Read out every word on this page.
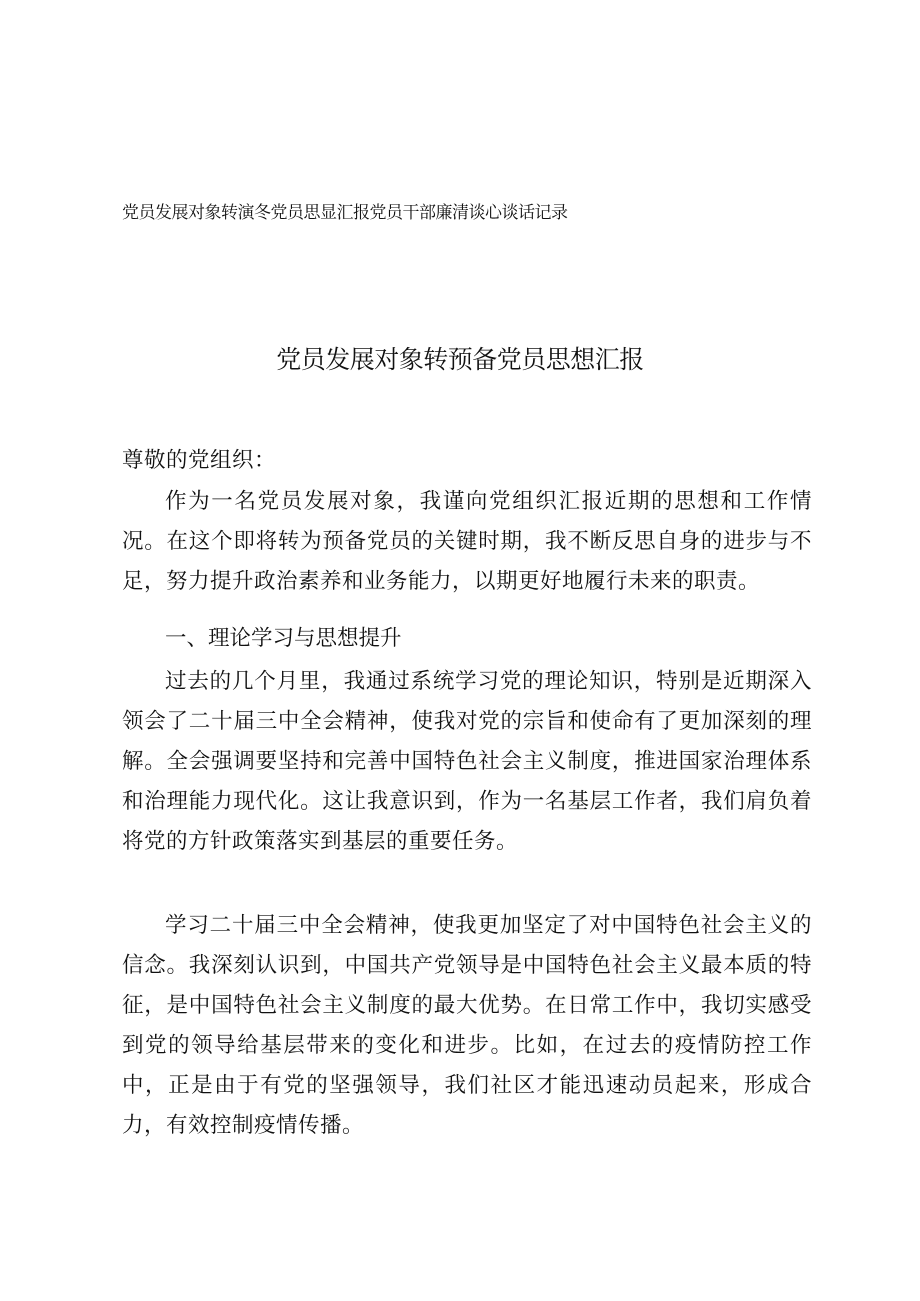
党员发展对象转演冬党员思显汇报党员干部廉清谈心谈话记录
党员发展对象转预备党员思想汇报
尊敬的党组织：

作为一名党员发展对象，我谨向党组织汇报近期的思想和工作情况。在这个即将转为预备党员的关键时期，我不断反思自身的进步与不足，努力提升政治素养和业务能力，以期更好地履行未来的职责。

一、理论学习与思想提升

过去的几个月里，我通过系统学习党的理论知识，特别是近期深入领会了二十届三中全会精神，使我对党的宗旨和使命有了更加深刻的理解。全会强调要坚持和完善中国特色社会主义制度，推进国家治理体系和治理能力现代化。这让我意识到，作为一名基层工作者，我们肩负着将党的方针政策落实到基层的重要任务。

学习二十届三中全会精神，使我更加坚定了对中国特色社会主义的信念。我深刻认识到，中国共产党领导是中国特色社会主义最本质的特征，是中国特色社会主义制度的最大优势。在日常工作中，我切实感受到党的领导给基层带来的变化和进步。比如，在过去的疫情防控工作中，正是由于有党的坚强领导，我们社区才能迅速动员起来，形成合力，有效控制疫情传播。
